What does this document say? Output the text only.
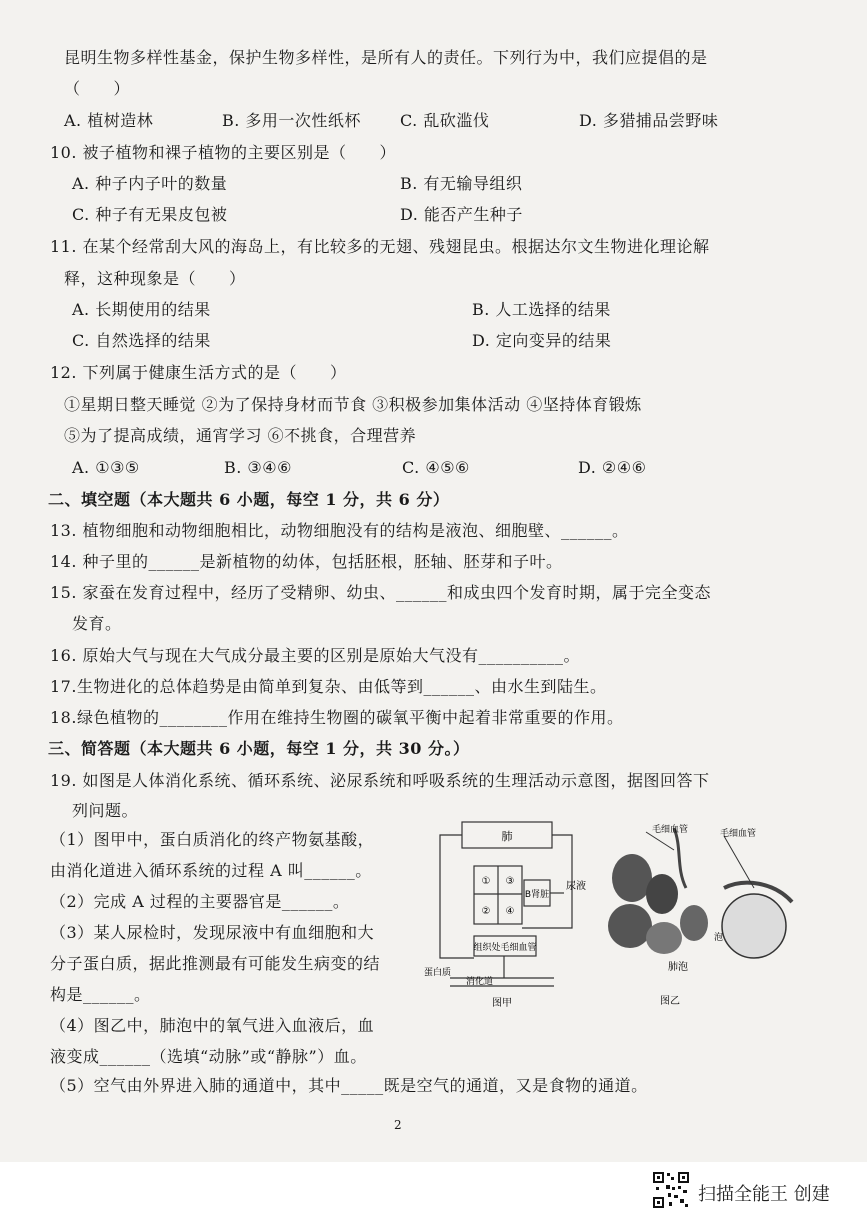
昆明生物多样性基金，保护生物多样性，是所有人的责任。下列行为中，我们应提倡的是
（　　）
A. 植树造林	B. 多用一次性纸杯 C. 乱砍滥伐	D. 多猎捕品尝野味
10. 被子植物和裸子植物的主要区别是（　　）
A. 种子内子叶的数量	B. 有无输导组织
C. 种子有无果皮包被	D. 能否产生种子
11. 在某个经常刮大风的海岛上，有比较多的无翅、残翅昆虫。根据达尔文生物进化理论解
释，这种现象是（　　）
A. 长期使用的结果	B. 人工选择的结果
C. 自然选择的结果	D. 定向变异的结果
12. 下列属于健康生活方式的是（　　）
①星期日整天睡觉 ②为了保持身材而节食 ③积极参加集体活动 ④坚持体育锻炼
⑤为了提高成绩，通宵学习 ⑥不挑食，合理营养
A. ①③⑤	B. ③④⑥	C. ④⑤⑥	D. ②④⑥
二、填空题（本大题共 6 小题，每空 1 分，共 6 分）
13. 植物细胞和动物细胞相比，动物细胞没有的结构是液泡、细胞壁、______。
14. 种子里的______是新植物的幼体，包括胚根，胚轴、胚芽和子叶。
15. 家蚕在发育过程中，经历了受精卵、幼虫、______和成虫四个发育时期，属于完全变态
发育。
16. 原始大气与现在大气成分最主要的区别是原始大气没有__________。
17.生物进化的总体趋势是由简单到复杂、由低等到______、由水生到陆生。
18.绿色植物的________作用在维持生物圈的碳氧平衡中起着非常重要的作用。
三、简答题（本大题共 6 小题，每空 1 分，共 30 分。）
19. 如图是人体消化系统、循环系统、泌尿系统和呼吸系统的生理活动示意图，据图回答下
列问题。
（1）图甲中，蛋白质消化的终产物氨基酸，
由消化道进入循环系统的过程 A 叫______。
（2）完成 A 过程的主要器官是______。
（3）某人尿检时，发现尿液中有血细胞和大
分子蛋白质，据此推测最有可能发生病变的结
构是______。
（4）图乙中，肺泡中的氧气进入血液后，血
液变成______（选填“动脉”或“静脉”）血。
（5）空气由外界进入肺的通道中，其中_____既是空气的通道，又是食物的通道。
肺
① ③
② ④
B肾脏
尿液
组织处毛细血管
蛋白质
消化道
图甲
毛细血管	毛细血管
泡
肺泡
图乙
2
扫描全能王 创建
